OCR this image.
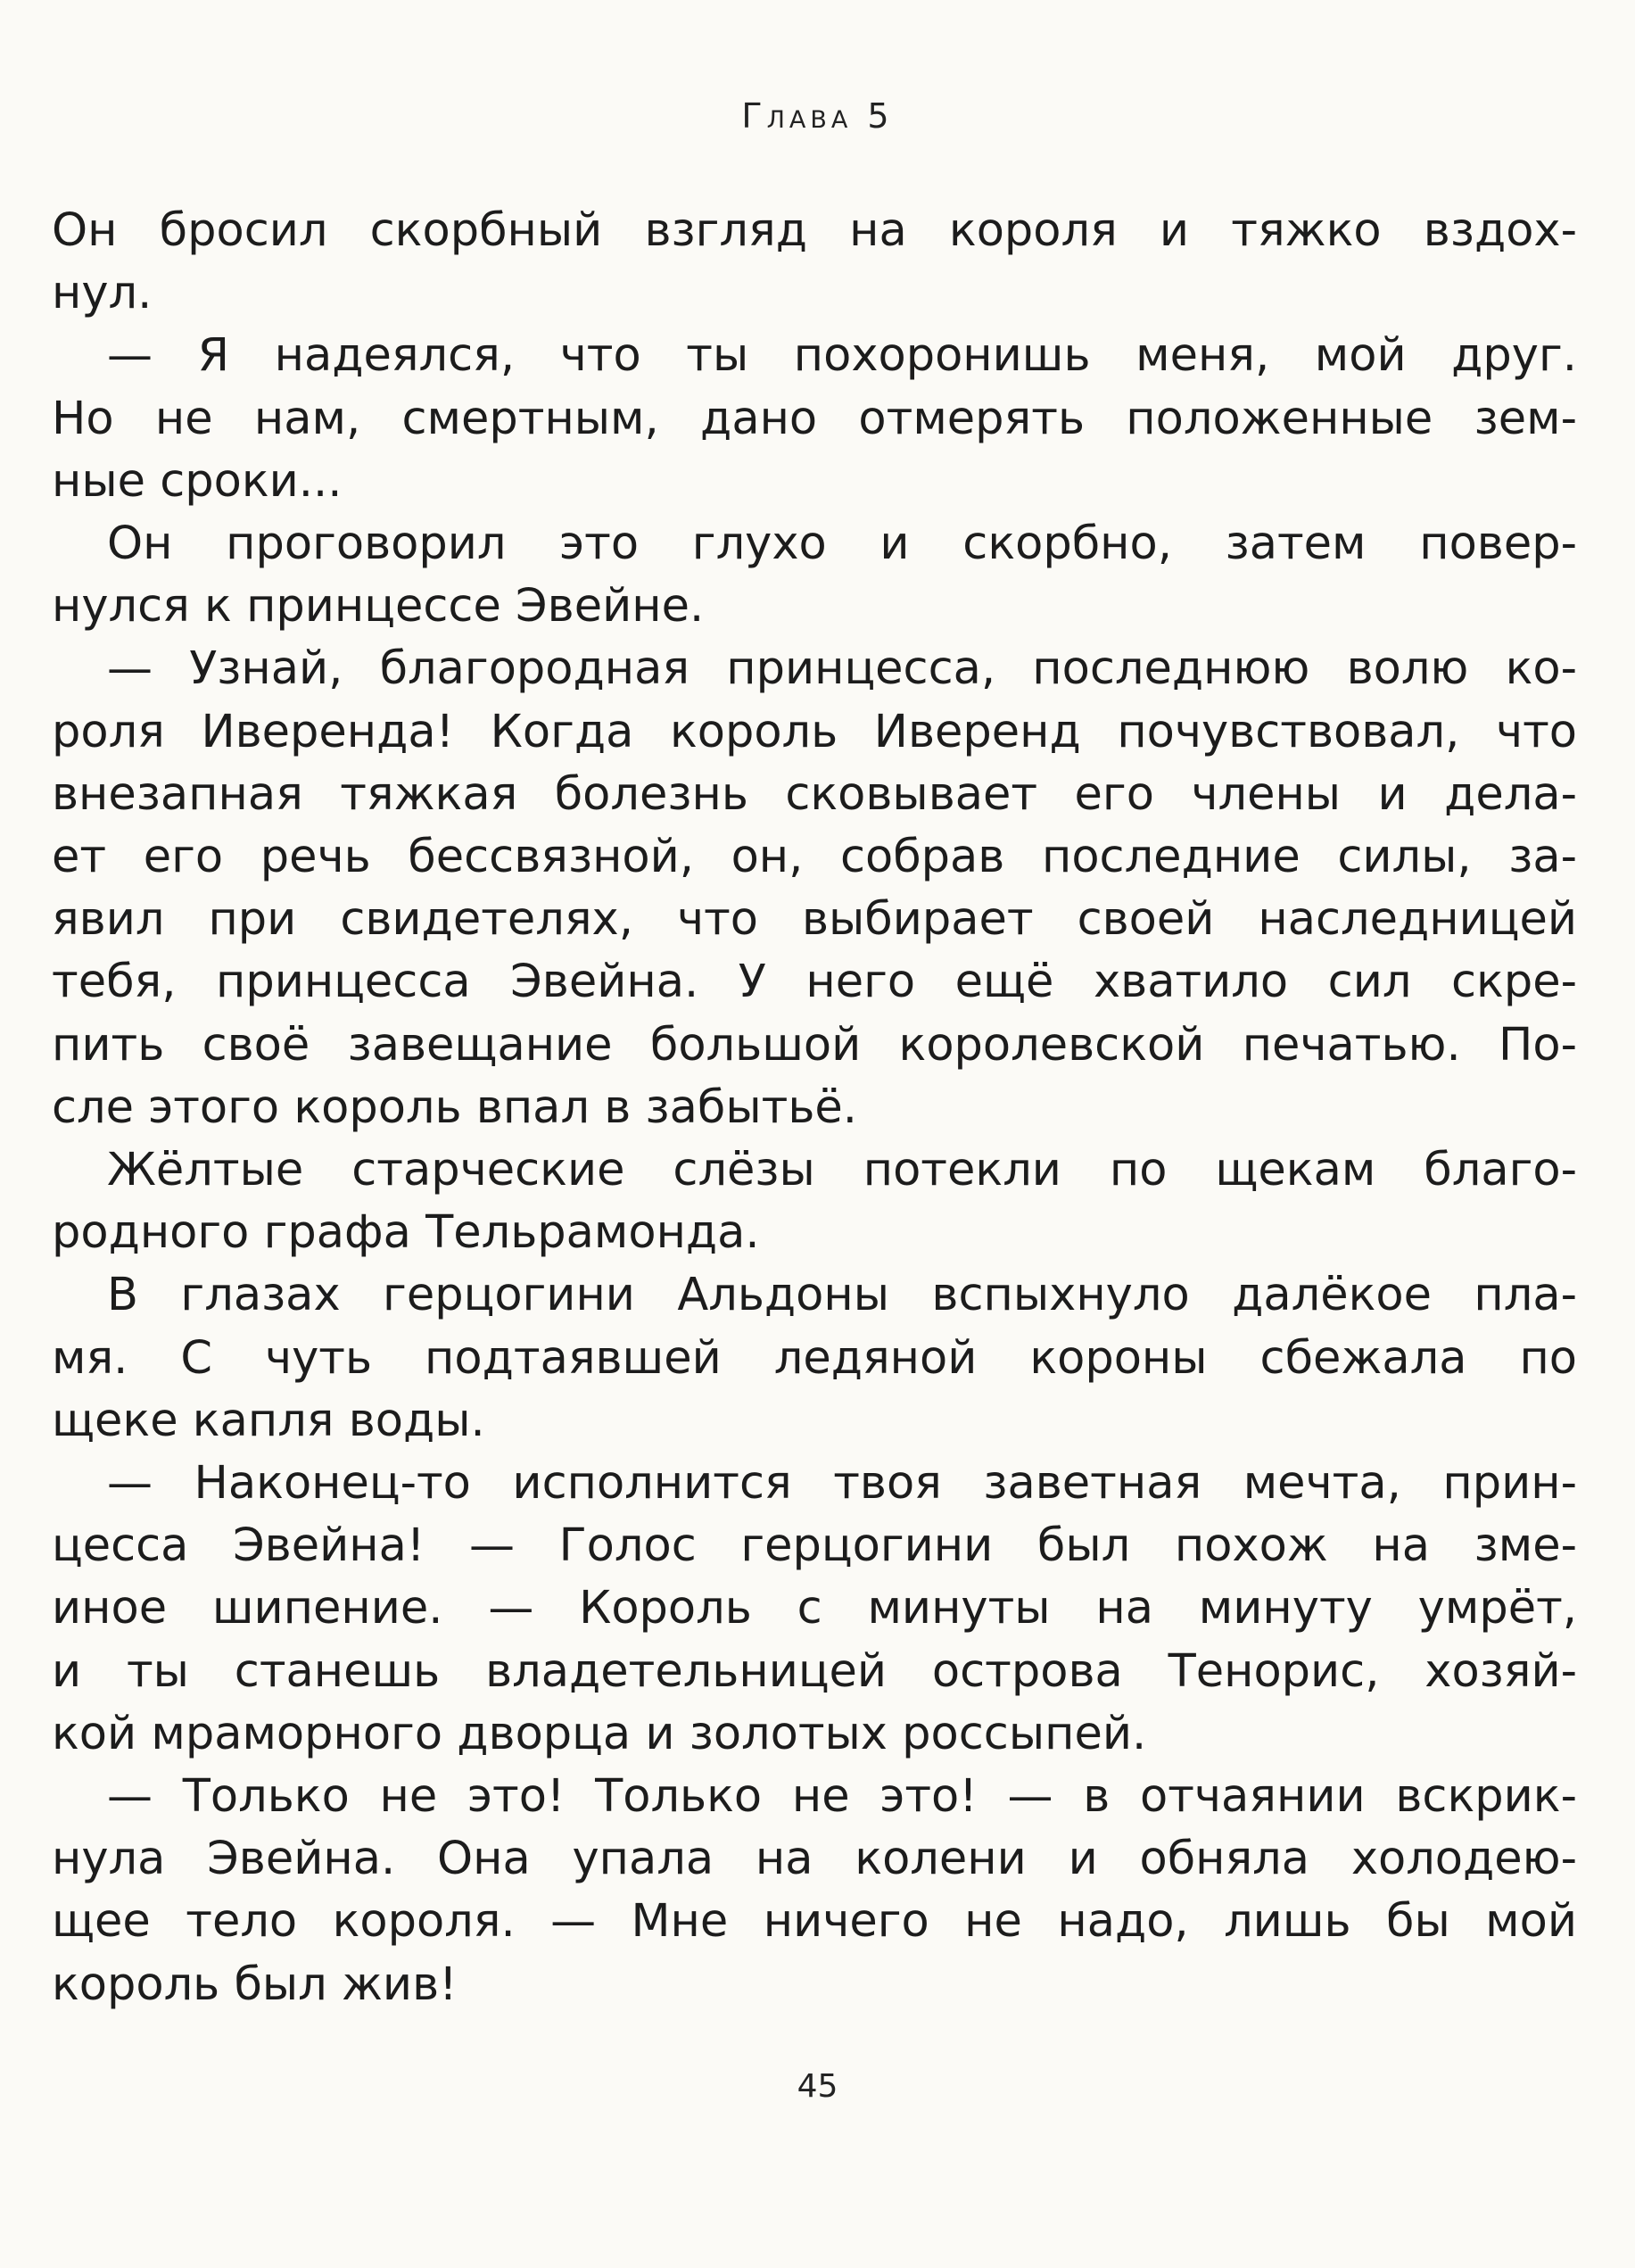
Глава 5

Он бросил скорбный взгляд на короля и тяжко вздох-

нул.

— Я надеялся, что ты похоронишь меня, мой друг.

Но не нам, смертным, дано отмерять положенные зем-

ные сроки...

Он проговорил это глухо и скорбно, затем повер-

нулся к принцессе Эвейне.

— Узнай, благородная принцесса, последнюю волю ко-

роля Иверенда! Когда король Иверенд почувствовал, что

внезапная тяжкая болезнь сковывает его члены и дела-

ет его речь бессвязной, он, собрав последние силы, за-

явил при свидетелях, что выбирает своей наследницей

тебя, принцесса Эвейна. У него ещё хватило сил скре-

пить своё завещание большой королевской печатью. По-

сле этого король впал в забытьё.

Жёлтые старческие слёзы потекли по щекам благо-

родного графа Тельрамонда.

В глазах герцогини Альдоны вспыхнуло далёкое пла-

мя. С чуть подтаявшей ледяной короны сбежала по

щеке капля воды.

— Наконец-то исполнится твоя заветная мечта, прин-

цесса Эвейна! — Голос герцогини был похож на зме-

иное шипение. — Король с минуты на минуту умрёт,

и ты станешь владетельницей острова Тенорис, хозяй-

кой мраморного дворца и золотых россыпей.

— Только не это! Только не это! — в отчаянии вскрик-

нула Эвейна. Она упала на колени и обняла холодею-

щее тело короля. — Мне ничего не надо, лишь бы мой

король был жив!

45
